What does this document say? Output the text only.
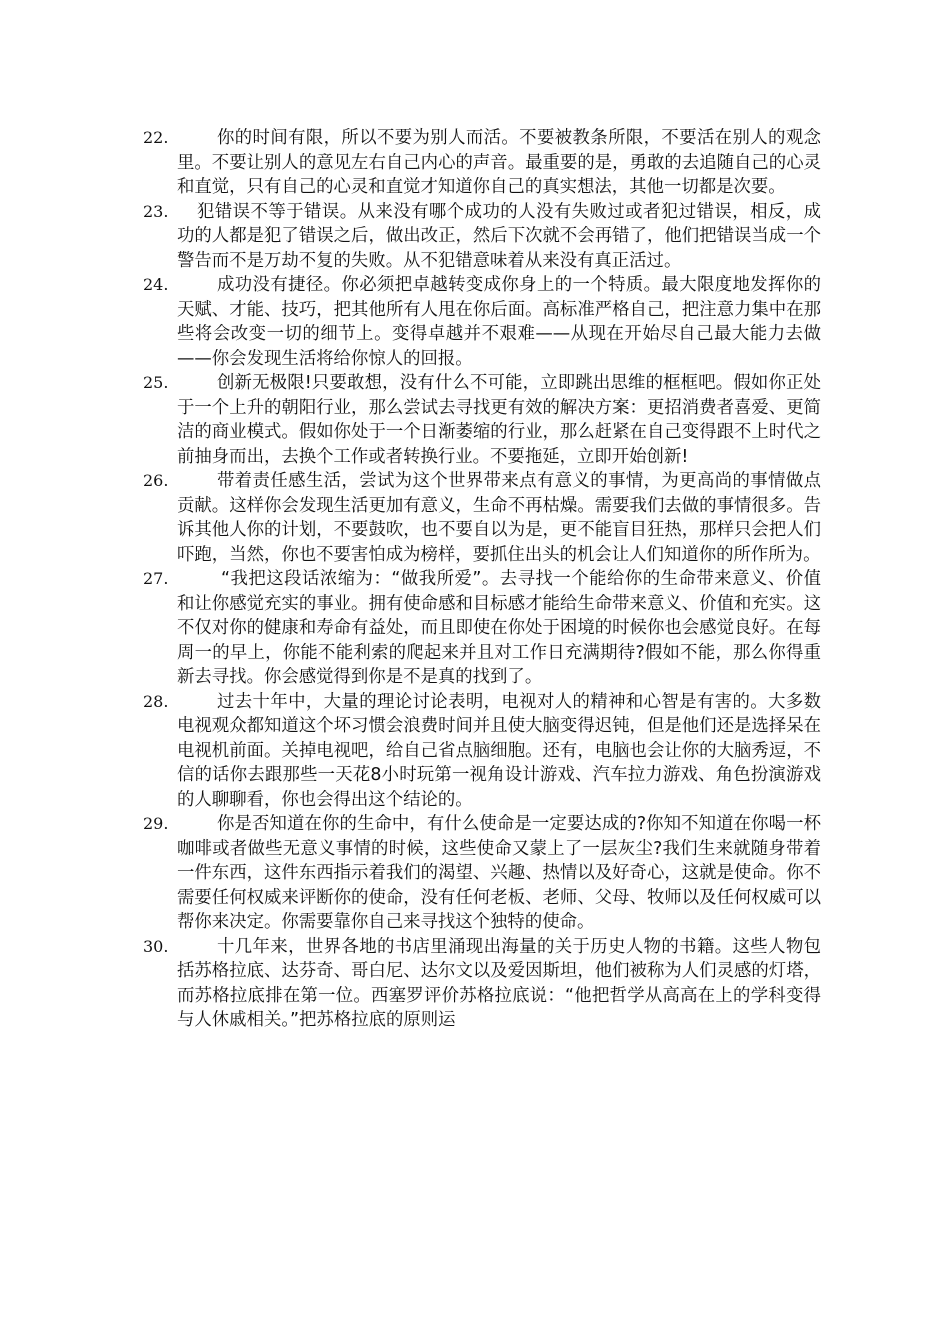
22.	你的时间有限，所以不要为别人而活。不要被教条所限，不要活在别人的观念里。不要让别人的意见左右自己内心的声音。最重要的是，勇敢的去追随自己的心灵和直觉，只有自己的心灵和直觉才知道你自己的真实想法，其他一切都是次要。
23.	犯错误不等于错误。从来没有哪个成功的人没有失败过或者犯过错误，相反，成功的人都是犯了错误之后，做出改正，然后下次就不会再错了，他们把错误当成一个警告而不是万劫不复的失败。从不犯错意味着从来没有真正活过。
24.	成功没有捷径。你必须把卓越转变成你身上的一个特质。最大限度地发挥你的天赋、才能、技巧，把其他所有人甩在你后面。高标准严格自己，把注意力集中在那些将会改变一切的细节上。变得卓越并不艰难——从现在开始尽自己最大能力去做——你会发现生活将给你惊人的回报。
25.	创新无极限!只要敢想，没有什么不可能，立即跳出思维的框框吧。假如你正处于一个上升的朝阳行业，那么尝试去寻找更有效的解决方案：更招消费者喜爱、更简洁的商业模式。假如你处于一个日渐萎缩的行业，那么赶紧在自己变得跟不上时代之前抽身而出，去换个工作或者转换行业。不要拖延，立即开始创新!
26.	带着责任感生活，尝试为这个世界带来点有意义的事情，为更高尚的事情做点贡献。这样你会发现生活更加有意义，生命不再枯燥。需要我们去做的事情很多。告诉其他人你的计划，不要鼓吹，也不要自以为是，更不能盲目狂热，那样只会把人们吓跑，当然，你也不要害怕成为榜样，要抓住出头的机会让人们知道你的所作所为。
27.	“我把这段话浓缩为：“做我所爱”。去寻找一个能给你的生命带来意义、价值和让你感觉充实的事业。拥有使命感和目标感才能给生命带来意义、价值和充实。这不仅对你的健康和寿命有益处，而且即使在你处于困境的时候你也会感觉良好。在每周一的早上，你能不能利索的爬起来并且对工作日充满期待?假如不能，那么你得重新去寻找。你会感觉得到你是不是真的找到了。
28.	过去十年中，大量的理论讨论表明，电视对人的精神和心智是有害的。大多数电视观众都知道这个坏习惯会浪费时间并且使大脑变得迟钝，但是他们还是选择呆在电视机前面。关掉电视吧，给自己省点脑细胞。还有，电脑也会让你的大脑秀逗，不信的话你去跟那些一天花8小时玩第一视角设计游戏、汽车拉力游戏、角色扮演游戏的人聊聊看，你也会得出这个结论的。
29.	你是否知道在你的生命中，有什么使命是一定要达成的?你知不知道在你喝一杯咖啡或者做些无意义事情的时候，这些使命又蒙上了一层灰尘?我们生来就随身带着一件东西，这件东西指示着我们的渴望、兴趣、热情以及好奇心，这就是使命。你不需要任何权威来评断你的使命，没有任何老板、老师、父母、牧师以及任何权威可以帮你来决定。你需要靠你自己来寻找这个独特的使命。
30.	十几年来，世界各地的书店里涌现出海量的关于历史人物的书籍。这些人物包括苏格拉底、达芬奇、哥白尼、达尔文以及爱因斯坦，他们被称为人们灵感的灯塔，而苏格拉底排在第一位。西塞罗评价苏格拉底说：“他把哲学从高高在上的学科变得与人休戚相关。”把苏格拉底的原则运
